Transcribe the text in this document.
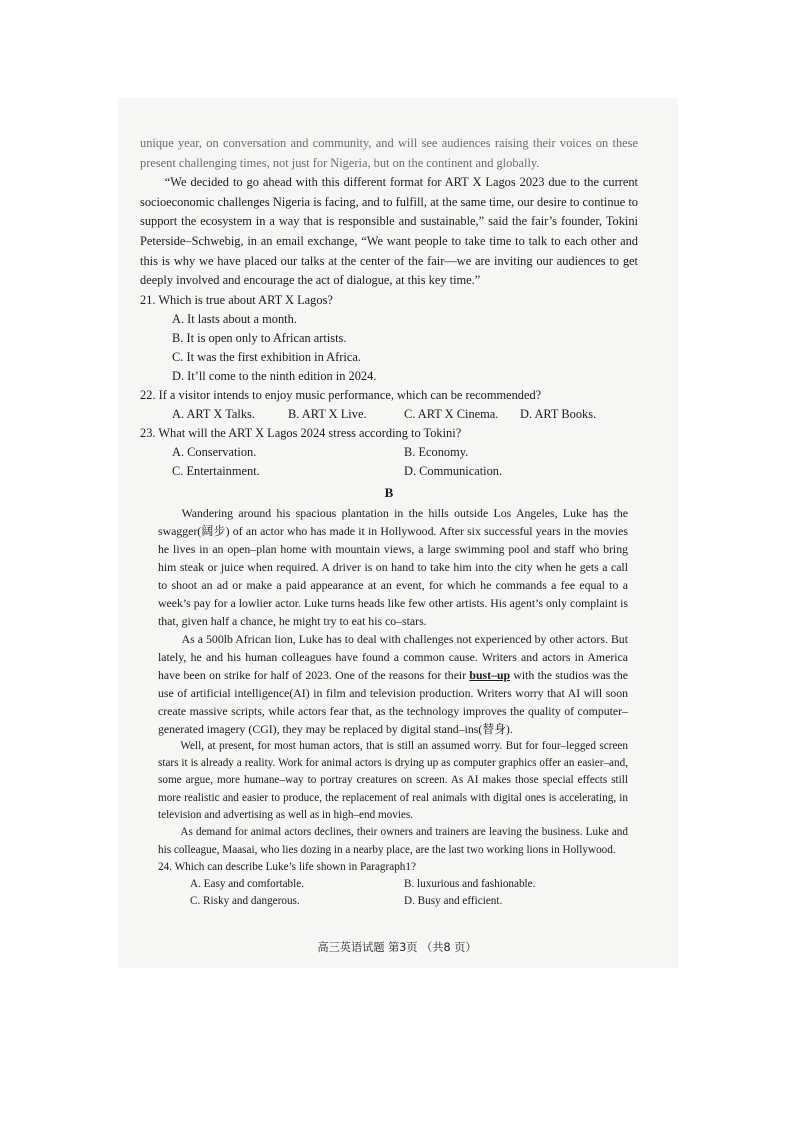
unique year, on conversation and community, and will see audiences raising their voices on these present challenging times, not just for Nigeria, but on the continent and globally.

“We decided to go ahead with this different format for ART X Lagos 2023 due to the current socioeconomic challenges Nigeria is facing, and to fulfill, at the same time, our desire to continue to support the ecosystem in a way that is responsible and sustainable,” said the fair’s founder, Tokini Peterside–Schwebig, in an email exchange, “We want people to take time to talk to each other and this is why we have placed our talks at the center of the fair—we are inviting our audiences to get deeply involved and encourage the act of dialogue, at this key time.”

21. Which is true about ART X Lagos?

A. It lasts about a month.

B. It is open only to African artists.

C. It was the first exhibition in Africa.

D. It’ll come to the ninth edition in 2024.

22. If a visitor intends to enjoy music performance, which can be recommended?

A. ART X Talks.	B. ART X Live.	C. ART X Cinema.	D. ART Books.

23. What will the ART X Lagos 2024 stress according to Tokini?

A. Conservation.	B. Economy.
C. Entertainment.	D. Communication.

B

Wandering around his spacious plantation in the hills outside Los Angeles, Luke has the swagger(阔步) of an actor who has made it in Hollywood. After six successful years in the movies he lives in an open–plan home with mountain views, a large swimming pool and staff who bring him steak or juice when required. A driver is on hand to take him into the city when he gets a call to shoot an ad or make a paid appearance at an event, for which he commands a fee equal to a week’s pay for a lowlier actor. Luke turns heads like few other artists. His agent’s only complaint is that, given half a chance, he might try to eat his co–stars.

As a 500lb African lion, Luke has to deal with challenges not experienced by other actors. But lately, he and his human colleagues have found a common cause. Writers and actors in America have been on strike for half of 2023. One of the reasons for their bust–up with the studios was the use of artificial intelligence(AI) in film and television production. Writers worry that AI will soon create massive scripts, while actors fear that, as the technology improves the quality of computer–generated imagery (CGI), they may be replaced by digital stand–ins(替身).

Well, at present, for most human actors, that is still an assumed worry. But for four–legged screen stars it is already a reality. Work for animal actors is drying up as computer graphics offer an easier–and, some argue, more humane–way to portray creatures on screen. As AI makes those special effects still more realistic and easier to produce, the replacement of real animals with digital ones is accelerating, in television and advertising as well as in high–end movies.

As demand for animal actors declines, their owners and trainers are leaving the business. Luke and his colleague, Maasai, who lies dozing in a nearby place, are the last two working lions in Hollywood.

24. Which can describe Luke’s life shown in Paragraph1?

A. Easy and comfortable.	B. luxurious and fashionable.
C. Risky and dangerous.	D. Busy and efficient.
高三英语试题 第3页 （共8 页）
